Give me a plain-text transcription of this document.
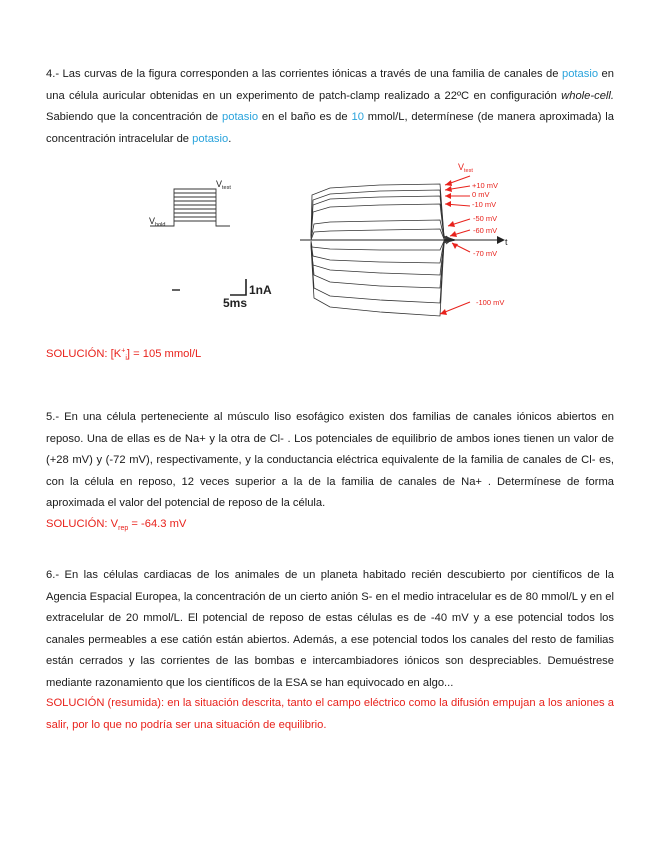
4.- Las curvas de la figura corresponden a las corrientes iónicas a través de una familia de canales de potasio en una célula auricular obtenidas en un experimento de patch-clamp realizado a 22ºC en configuración whole-cell. Sabiendo que la concentración de potasio en el baño es de 10 mmol/L, determínese (de manera aproximada) la concentración intracelular de potasio.
$V_{test}$
$V_{hold}$
1nA
5ms
t
$V_{test}$
+10 mV
0 mV
-10 mV
-50 mV
-60 mV
-70 mV
-100 mV
SOLUCIÓN: $[K^+_i] = 105$ mmol/L
5.- En una célula perteneciente al músculo liso esofágico existen dos familias de canales iónicos abiertos en reposo. Una de ellas es de Na+ y la otra de Cl- . Los potenciales de equilibrio de ambos iones tienen un valor de (+28 mV) y (-72 mV), respectivamente, y la conductancia eléctrica equivalente de la familia de canales de Cl- es, con la célula en reposo, 12 veces superior a la de la familia de canales de Na+ . Determínese de forma aproximada el valor del potencial de reposo de la célula.
SOLUCIÓN: $V_{rep} = -64.3$ mV
6.- En las células cardiacas de los animales de un planeta habitado recién descubierto por científicos de la Agencia Espacial Europea, la concentración de un cierto anión S- en el medio intracelular es de 80 mmol/L y en el extracelular de 20 mmol/L. El potencial de reposo de estas células es de -40 mV y a ese potencial todos los canales permeables a ese catión están abiertos. Además, a ese potencial todos los canales del resto de familias están cerrados y las corrientes de las bombas e intercambiadores iónicos son despreciables. Demuéstrese mediante razonamiento que los científicos de la ESA se han equivocado en algo...
SOLUCIÓN (resumida): en la situación descrita, tanto el campo eléctrico como la difusión empujan a los aniones a salir, por lo que no podría ser una situación de equilibrio.
